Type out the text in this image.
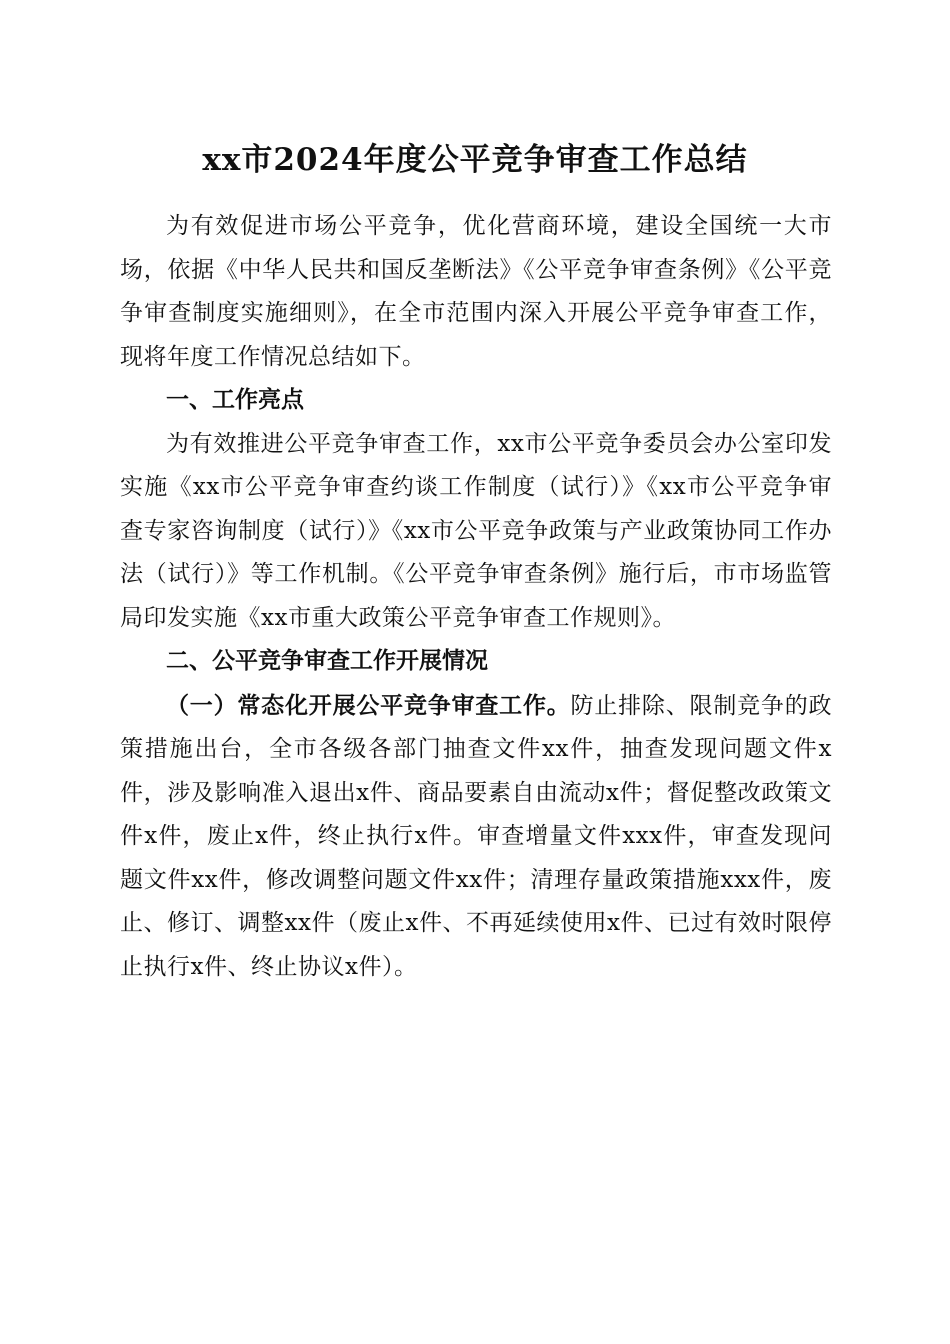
xx市2024年度公平竞争审查工作总结

为有效促进市场公平竞争，优化营商环境，建设全国统一大市场，依据《中华人民共和国反垄断法》《公平竞争审查条例》《公平竞争审查制度实施细则》，在全市范围内深入开展公平竞争审查工作，现将年度工作情况总结如下。

一、工作亮点

为有效推进公平竞争审查工作，xx市公平竞争委员会办公室印发实施《xx市公平竞争审查约谈工作制度（试行）》《xx市公平竞争审查专家咨询制度（试行）》《xx市公平竞争政策与产业政策协同工作办法（试行）》等工作机制。《公平竞争审查条例》施行后，市市场监管局印发实施《xx市重大政策公平竞争审查工作规则》。

二、公平竞争审查工作开展情况

（一）常态化开展公平竞争审查工作。防止排除、限制竞争的政策措施出台，全市各级各部门抽查文件xx件，抽查发现问题文件x件，涉及影响准入退出x件、商品要素自由流动x件；督促整改政策文件x件，废止x件，终止执行x件。审查增量文件xxx件，审查发现问题文件xx件，修改调整问题文件xx件；清理存量政策措施xxx件，废止、修订、调整xx件（废止x件、不再延续使用x件、已过有效时限停止执行x件、终止协议x件）。
